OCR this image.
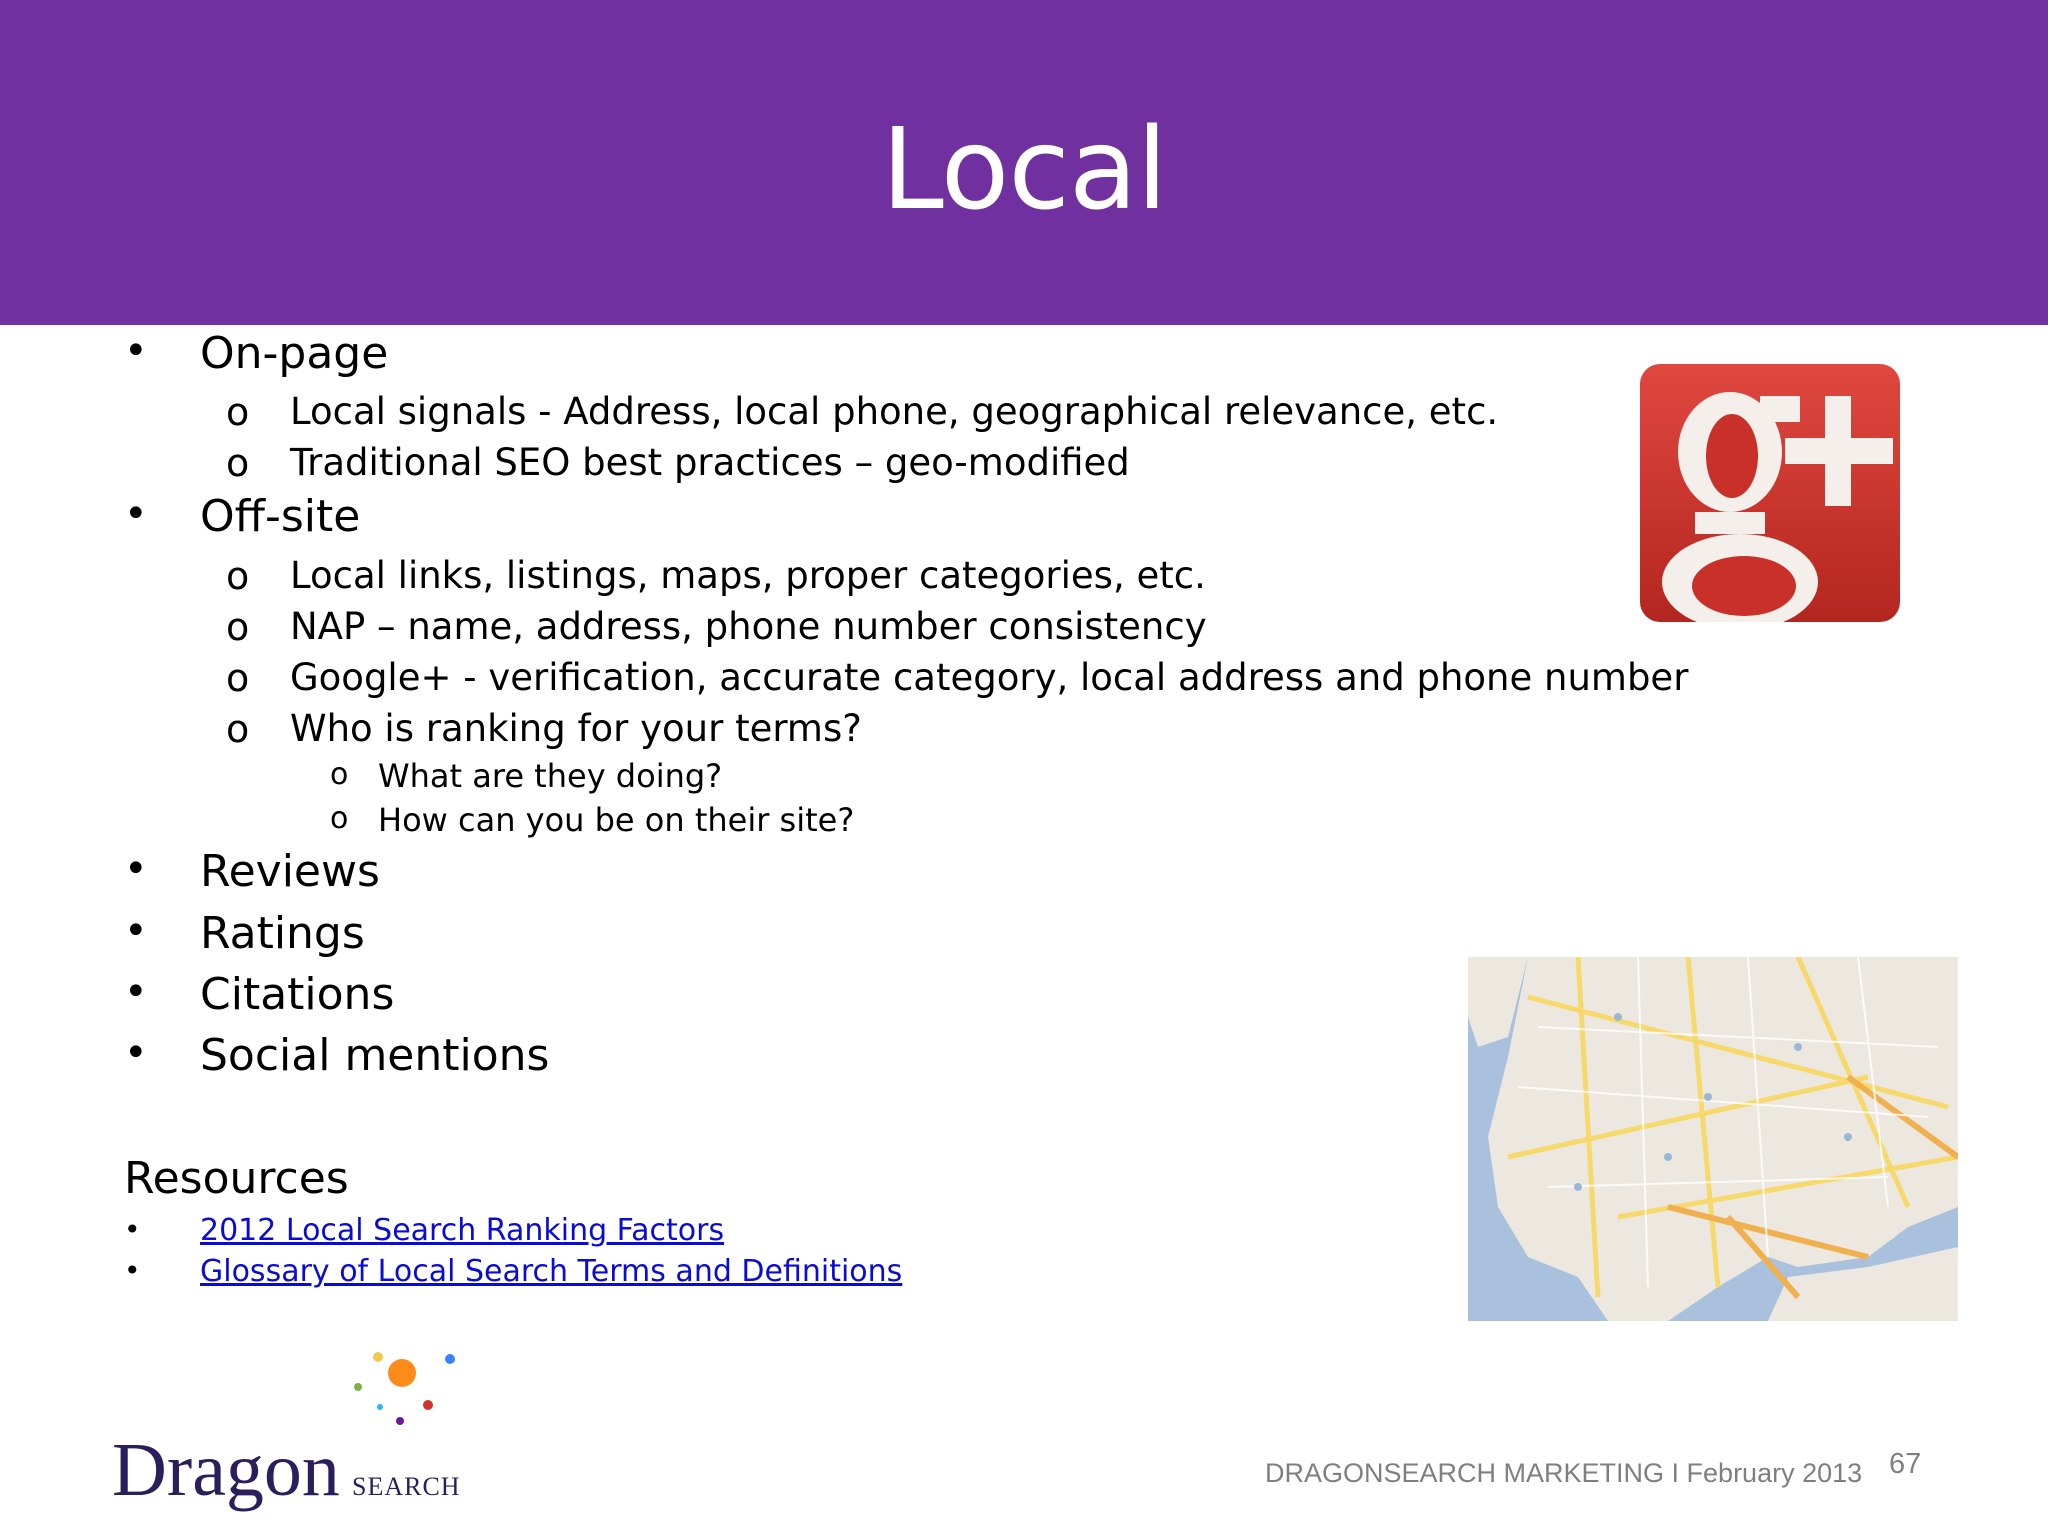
Local
• On-page
o Local signals - Address, local phone, geographical relevance, etc.
o Traditional SEO best practices – geo-modified
• Off-site
o Local links, listings, maps, proper categories, etc.
o NAP – name, address, phone number consistency
o Google+ - verification, accurate category, local address and phone number
o Who is ranking for your terms?
o What are they doing?
o How can you be on their site?
• Reviews
• Ratings
• Citations
• Social mentions
Resources
• 2012 Local Search Ranking Factors
• Glossary of Local Search Terms and Definitions
Dragon SEARCH	DRAGONSEARCH MARKETING I February 2013 67
